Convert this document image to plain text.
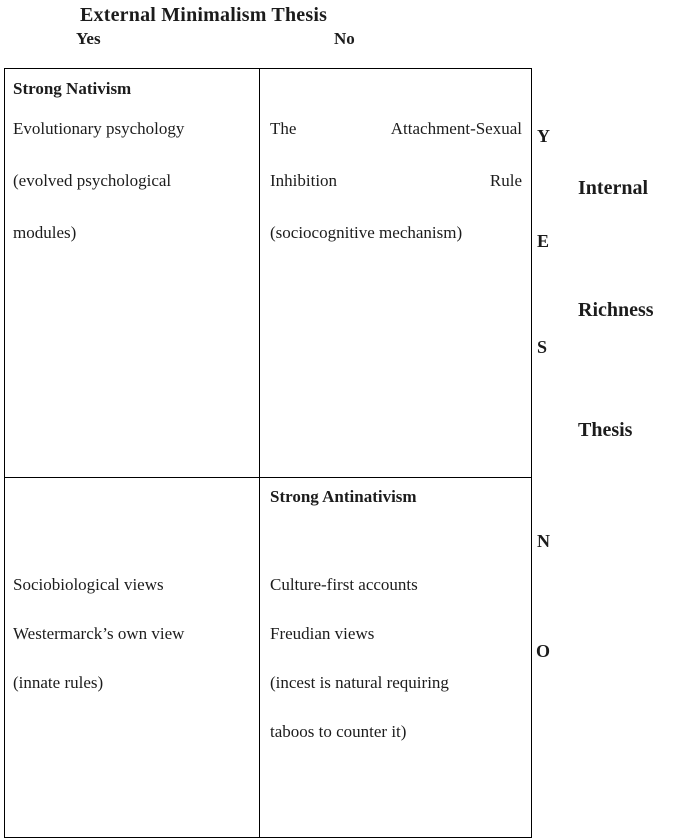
External Minimalism Thesis
Yes	No
Strong Nativism
Evolutionary psychology
(evolved psychological
modules)
The Attachment-Sexual
Inhibition Rule
(sociocognitive mechanism)
Sociobiological views
Westermarck’s own view
(innate rules)
Strong Antinativism
Culture-first accounts
Freudian views
(incest is natural requiring
taboos to counter it)
Y
E
S
N
O
Internal
Richness
Thesis
